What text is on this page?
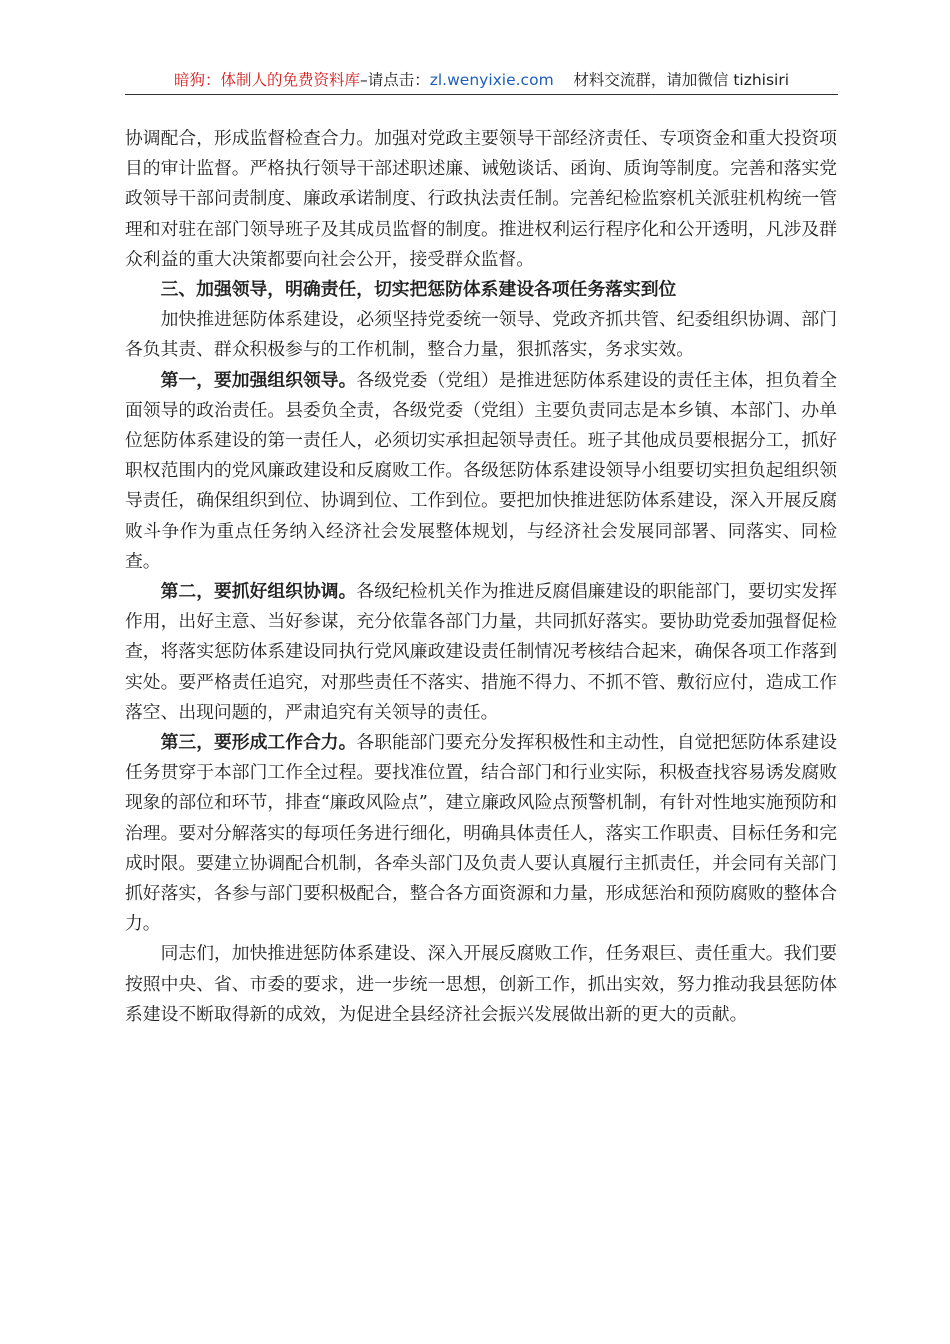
暗狗：体制人的免费资料库–请点击：zl.wenyixie.com 材料交流群，请加微信 tizhisiri

协调配合，形成监督检查合力。加强对党政主要领导干部经济责任、专项资金和重大投资项目的审计监督。严格执行领导干部述职述廉、诫勉谈话、函询、质询等制度。完善和落实党政领导干部问责制度、廉政承诺制度、行政执法责任制。完善纪检监察机关派驻机构统一管理和对驻在部门领导班子及其成员监督的制度。推进权利运行程序化和公开透明，凡涉及群众利益的重大决策都要向社会公开，接受群众监督。

三、加强领导，明确责任，切实把惩防体系建设各项任务落实到位

加快推进惩防体系建设，必须坚持党委统一领导、党政齐抓共管、纪委组织协调、部门各负其责、群众积极参与的工作机制，整合力量，狠抓落实，务求实效。

第一，要加强组织领导。各级党委（党组）是推进惩防体系建设的责任主体，担负着全面领导的政治责任。县委负全责，各级党委（党组）主要负责同志是本乡镇、本部门、办单位惩防体系建设的第一责任人，必须切实承担起领导责任。班子其他成员要根据分工，抓好职权范围内的党风廉政建设和反腐败工作。各级惩防体系建设领导小组要切实担负起组织领导责任，确保组织到位、协调到位、工作到位。要把加快推进惩防体系建设，深入开展反腐败斗争作为重点任务纳入经济社会发展整体规划，与经济社会发展同部署、同落实、同检查。

第二，要抓好组织协调。各级纪检机关作为推进反腐倡廉建设的职能部门，要切实发挥作用，出好主意、当好参谋，充分依靠各部门力量，共同抓好落实。要协助党委加强督促检查，将落实惩防体系建设同执行党风廉政建设责任制情况考核结合起来，确保各项工作落到实处。要严格责任追究，对那些责任不落实、措施不得力、不抓不管、敷衍应付，造成工作落空、出现问题的，严肃追究有关领导的责任。

第三，要形成工作合力。各职能部门要充分发挥积极性和主动性，自觉把惩防体系建设任务贯穿于本部门工作全过程。要找准位置，结合部门和行业实际，积极查找容易诱发腐败现象的部位和环节，排查“廉政风险点”，建立廉政风险点预警机制，有针对性地实施预防和治理。要对分解落实的每项任务进行细化，明确具体责任人，落实工作职责、目标任务和完成时限。要建立协调配合机制，各牵头部门及负责人要认真履行主抓责任，并会同有关部门抓好落实，各参与部门要积极配合，整合各方面资源和力量，形成惩治和预防腐败的整体合力。

同志们，加快推进惩防体系建设、深入开展反腐败工作，任务艰巨、责任重大。我们要按照中央、省、市委的要求，进一步统一思想，创新工作，抓出实效，努力推动我县惩防体系建设不断取得新的成效，为促进全县经济社会振兴发展做出新的更大的贡献。
